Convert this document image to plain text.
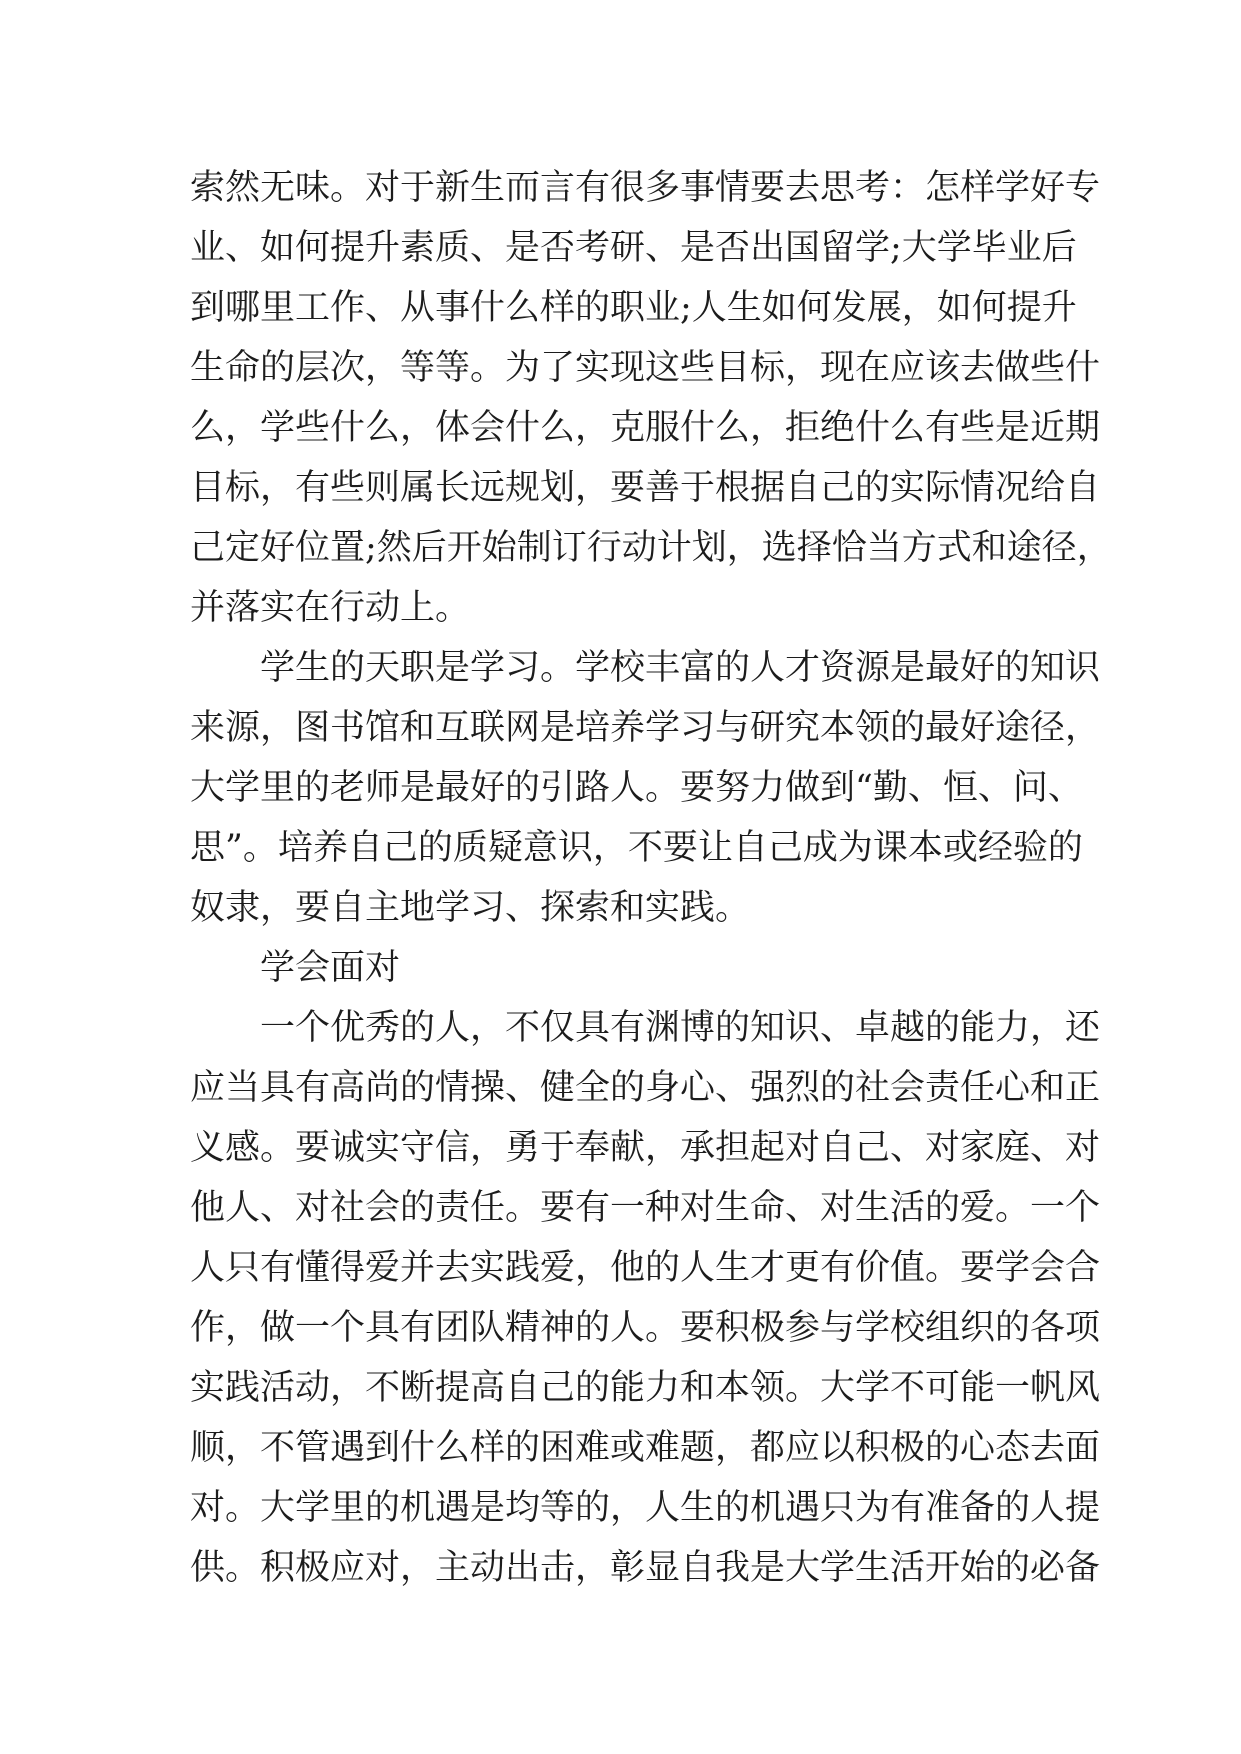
索然无味。对于新生而言有很多事情要去思考：怎样学好专
业、如何提升素质、是否考研、是否出国留学;大学毕业后
到哪里工作、从事什么样的职业;人生如何发展，如何提升
生命的层次，等等。为了实现这些目标，现在应该去做些什
么，学些什么，体会什么，克服什么，拒绝什么有些是近期
目标，有些则属长远规划，要善于根据自己的实际情况给自
己定好位置;然后开始制订行动计划，选择恰当方式和途径，
并落实在行动上。
学生的天职是学习。学校丰富的人才资源是最好的知识
来源，图书馆和互联网是培养学习与研究本领的最好途径，
大学里的老师是最好的引路人。要努力做到“勤、恒、问、
思”。培养自己的质疑意识，不要让自己成为课本或经验的
奴隶，要自主地学习、探索和实践。
学会面对
一个优秀的人，不仅具有渊博的知识、卓越的能力，还
应当具有高尚的情操、健全的身心、强烈的社会责任心和正
义感。要诚实守信，勇于奉献，承担起对自己、对家庭、对
他人、对社会的责任。要有一种对生命、对生活的爱。一个
人只有懂得爱并去实践爱，他的人生才更有价值。要学会合
作，做一个具有团队精神的人。要积极参与学校组织的各项
实践活动，不断提高自己的能力和本领。大学不可能一帆风
顺，不管遇到什么样的困难或难题，都应以积极的心态去面
对。大学里的机遇是均等的，人生的机遇只为有准备的人提
供。积极应对，主动出击，彰显自我是大学生活开始的必备
